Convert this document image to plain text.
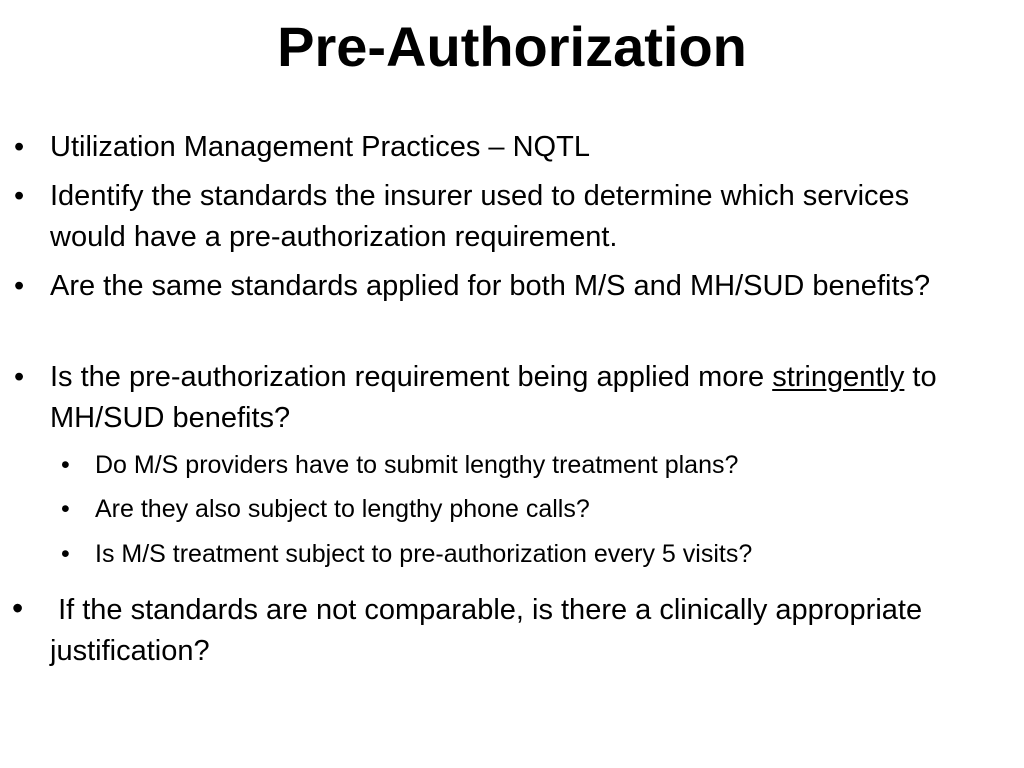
Pre-Authorization

• Utilization Management Practices – NQTL

• Identify the standards the insurer used to determine which services would have a pre-authorization requirement.

• Are the same standards applied for both M/S and MH/SUD benefits?

• Is the pre-authorization requirement being applied more stringently to MH/SUD benefits?

• Do M/S providers have to submit lengthy treatment plans?

• Are they also subject to lengthy phone calls?

• Is M/S treatment subject to pre-authorization every 5 visits?

• If the standards are not comparable, is there a clinically appropriate justification?
